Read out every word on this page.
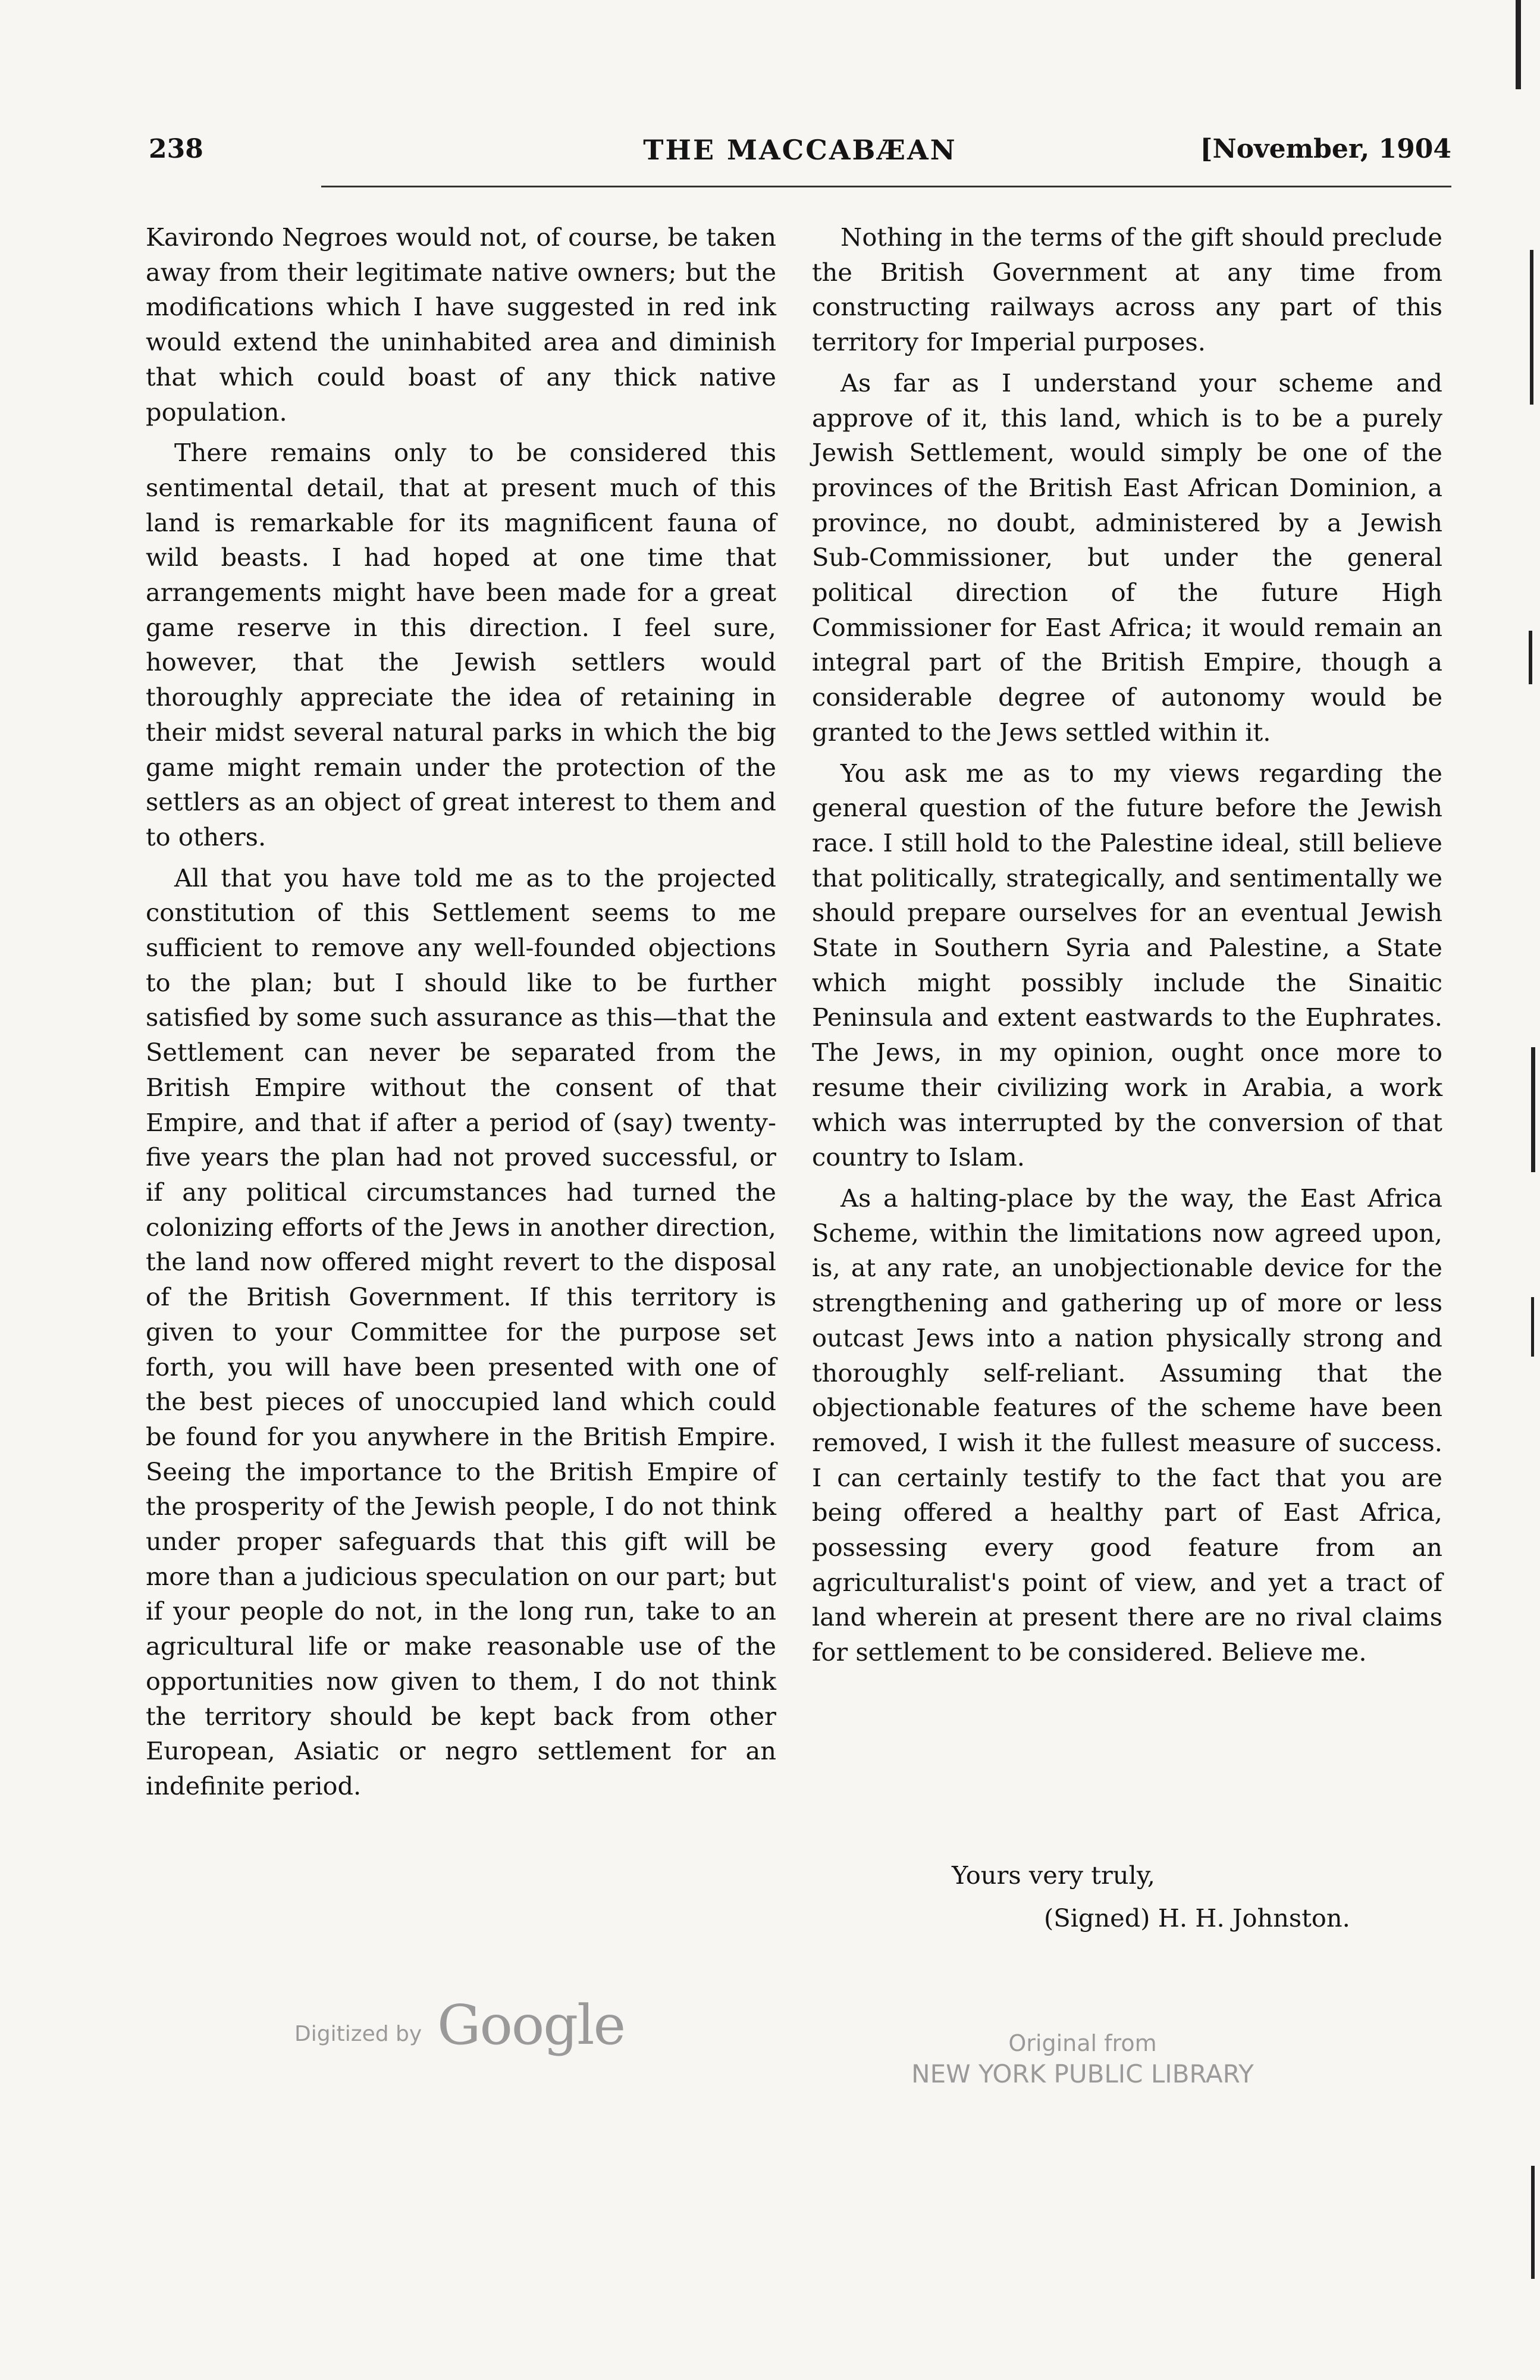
238	THE MACCABÆAN	[November, 1904

Kavirondo Negroes would not, of course, be taken away from their legitimate native owners; but the modifications which I have suggested in red ink would extend the uninhabited area and diminish that which could boast of any thick native population.

There remains only to be considered this sentimental detail, that at present much of this land is remarkable for its magnificent fauna of wild beasts. I had hoped at one time that arrangements might have been made for a great game reserve in this direction. I feel sure, however, that the Jewish settlers would thoroughly appreciate the idea of retaining in their midst several natural parks in which the big game might remain under the protection of the settlers as an object of great interest to them and to others.

All that you have told me as to the projected constitution of this Settlement seems to me sufficient to remove any well-founded objections to the plan; but I should like to be further satisfied by some such assurance as this—that the Settlement can never be separated from the British Empire without the consent of that Empire, and that if after a period of (say) twenty-five years the plan had not proved successful, or if any political circumstances had turned the colonizing efforts of the Jews in another direction, the land now offered might revert to the disposal of the British Government. If this territory is given to your Committee for the purpose set forth, you will have been presented with one of the best pieces of unoccupied land which could be found for you anywhere in the British Empire. Seeing the importance to the British Empire of the prosperity of the Jewish people, I do not think under proper safeguards that this gift will be more than a judicious speculation on our part; but if your people do not, in the long run, take to an agricultural life or make reasonable use of the opportunities now given to them, I do not think the territory should be kept back from other European, Asiatic or negro settlement for an indefinite period.

Nothing in the terms of the gift should preclude the British Government at any time from constructing railways across any part of this territory for Imperial purposes.

As far as I understand your scheme and approve of it, this land, which is to be a purely Jewish Settlement, would simply be one of the provinces of the British East African Dominion, a province, no doubt, administered by a Jewish Sub-Commissioner, but under the general political direction of the future High Commissioner for East Africa; it would remain an integral part of the British Empire, though a considerable degree of autonomy would be granted to the Jews settled within it.

You ask me as to my views regarding the general question of the future before the Jewish race. I still hold to the Palestine ideal, still believe that politically, strategically, and sentimentally we should prepare ourselves for an eventual Jewish State in Southern Syria and Palestine, a State which might possibly include the Sinaitic Peninsula and extent eastwards to the Euphrates. The Jews, in my opinion, ought once more to resume their civilizing work in Arabia, a work which was interrupted by the conversion of that country to Islam.

As a halting-place by the way, the East Africa Scheme, within the limitations now agreed upon, is, at any rate, an unobjectionable device for the strengthening and gathering up of more or less outcast Jews into a nation physically strong and thoroughly self-reliant. Assuming that the objectionable features of the scheme have been removed, I wish it the fullest measure of success. I can certainly testify to the fact that you are being offered a healthy part of East Africa, possessing every good feature from an agriculturalist's point of view, and yet a tract of land wherein at present there are no rival claims for settlement to be considered. Believe me.

Yours very truly,
(Signed) H. H. Johnston.
Digitized by Google	Original from
NEW YORK PUBLIC LIBRARY
